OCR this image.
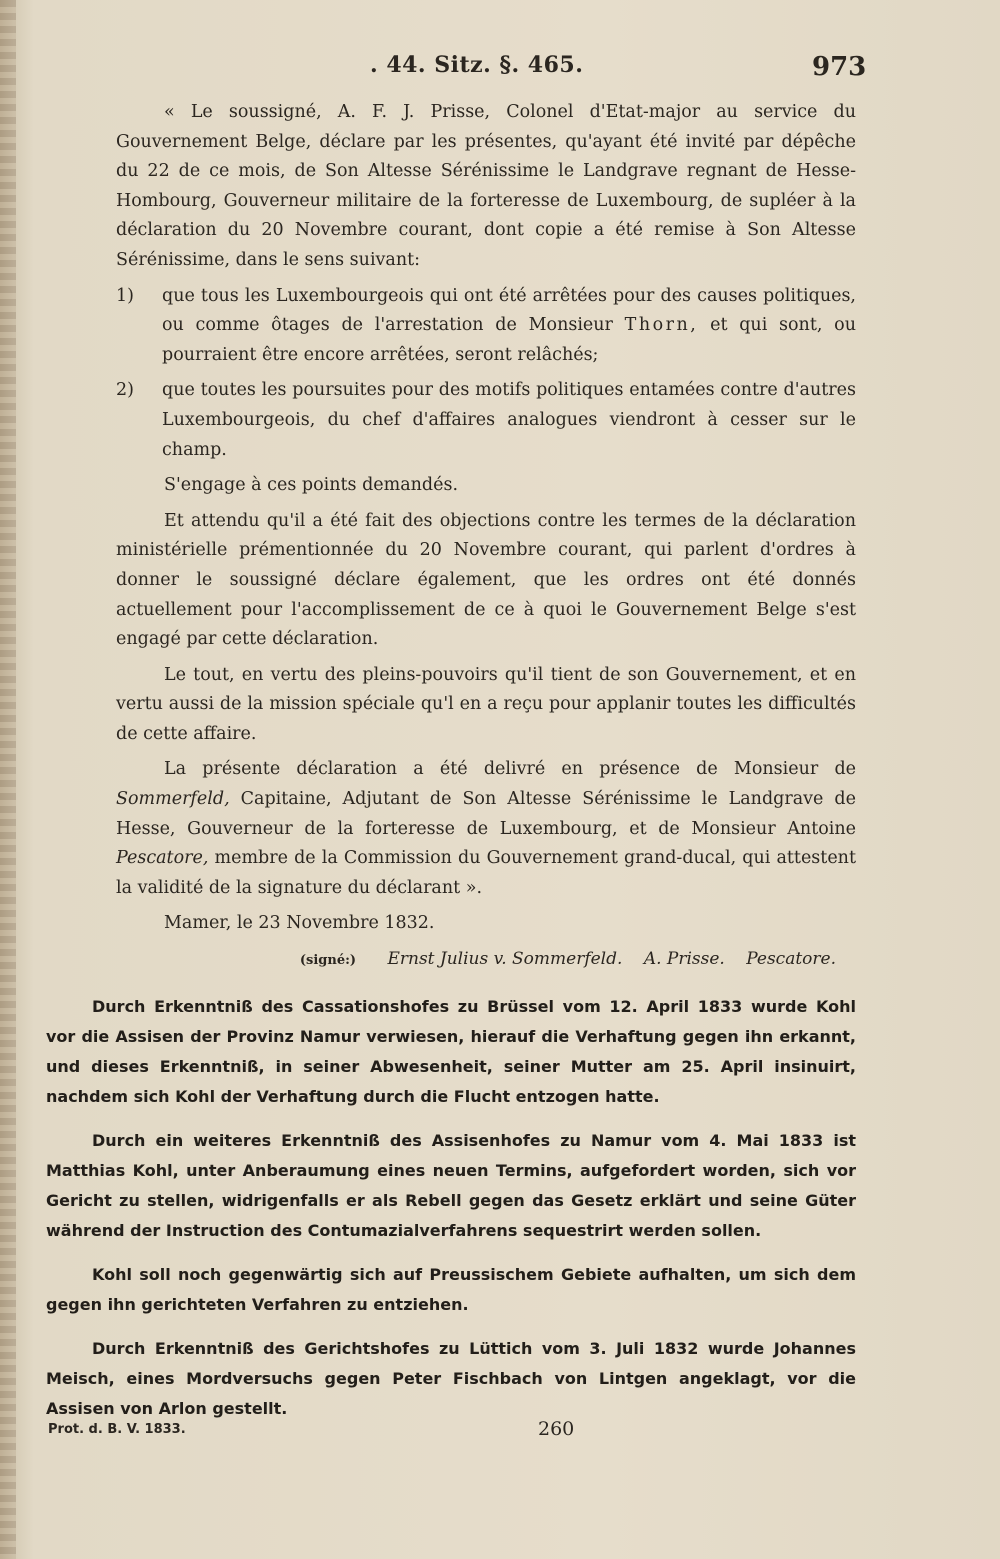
. 44. Sitz. §. 465.	973

« Le soussigné, A. F. J. Prisse, Colonel d'Etat-major au service du Gouvernement Belge, déclare par les présentes, qu'ayant été invité par dépêche du 22 de ce mois, de Son Altesse Sérénissime le Landgrave regnant de Hesse-Hombourg, Gouverneur militaire de la forteresse de Luxembourg, de supléer à la déclaration du 20 Novembre courant, dont copie a été remise à Son Altesse Sérénissime, dans le sens suivant:

1) que tous les Luxembourgeois qui ont été arrêtées pour des causes politiques, ou comme ôtages de l'arrestation de Monsieur Thorn, et qui sont, ou pourraient être encore arrêtées, seront relâchés;

2) que toutes les poursuites pour des motifs politiques entamées contre d'autres Luxembourgeois, du chef d'affaires analogues viendront à cesser sur le champ.

S'engage à ces points demandés.

Et attendu qu'il a été fait des objections contre les termes de la déclaration ministérielle prémentionnée du 20 Novembre courant, qui parlent d'ordres à donner le soussigné déclare également, que les ordres ont été donnés actuellement pour l'accomplissement de ce à quoi le Gouvernement Belge s'est engagé par cette déclaration.

Le tout, en vertu des pleins-pouvoirs qu'il tient de son Gouvernement, et en vertu aussi de la mission spéciale qu'l en a reçu pour applanir toutes les difficultés de cette affaire.

La présente déclaration a été delivré en présence de Monsieur de Sommerfeld, Capitaine, Adjutant de Son Altesse Sérénissime le Landgrave de Hesse, Gouverneur de la forteresse de Luxembourg, et de Monsieur Antoine Pescatore, membre de la Commission du Gouvernement grand-ducal, qui attestent la validité de la signature du déclarant ».

Mamer, le 23 Novembre 1832.

(signé:) Ernst Julius v. Sommerfeld. A. Prisse. Pescatore.

Durch Erkenntniß des Cassationshofes zu Brüssel vom 12. April 1833 wurde Kohl vor die Assisen der Provinz Namur verwiesen, hierauf die Verhaftung gegen ihn erkannt, und dieses Erkenntniß, in seiner Abwesenheit, seiner Mutter am 25. April insinuirt, nachdem sich Kohl der Verhaftung durch die Flucht entzogen hatte.

Durch ein weiteres Erkenntniß des Assisenhofes zu Namur vom 4. Mai 1833 ist Matthias Kohl, unter Anberaumung eines neuen Termins, aufgefordert worden, sich vor Gericht zu stellen, widrigenfalls er als Rebell gegen das Gesetz erklärt und seine Güter während der Instruction des Contumazialverfahrens sequestrirt werden sollen.

Kohl soll noch gegenwärtig sich auf Preussischem Gebiete aufhalten, um sich dem gegen ihn gerichteten Verfahren zu entziehen.

Durch Erkenntniß des Gerichtshofes zu Lüttich vom 3. Juli 1832 wurde Johannes Meisch, eines Mordversuchs gegen Peter Fischbach von Lintgen angeklagt, vor die Assisen von Arlon gestellt.

Prot. d. B. V. 1833.	260
